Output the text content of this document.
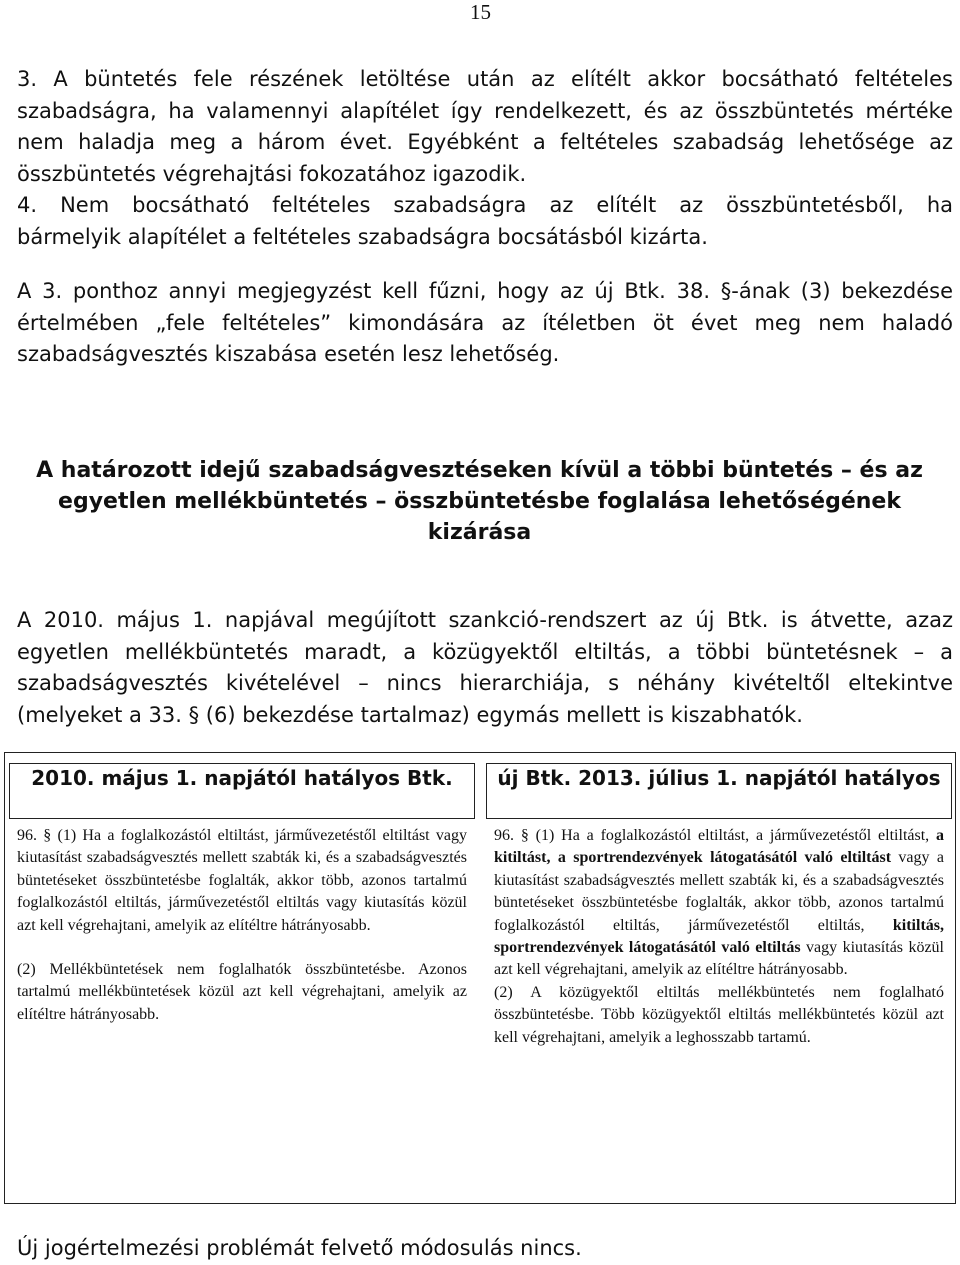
15
3. A büntetés fele részének letöltése után az elítélt akkor bocsátható feltételes
szabadságra, ha valamennyi alapítélet így rendelkezett, és az összbüntetés mértéke
nem haladja meg a három évet. Egyébként a feltételes szabadság lehetősége az
összbüntetés végrehajtási fokozatához igazodik.
4. Nem bocsátható feltételes szabadságra az elítélt az összbüntetésből, ha
bármelyik alapítélet a feltételes szabadságra bocsátásból kizárta.
A 3. ponthoz annyi megjegyzést kell fűzni, hogy az új Btk. 38. §-ának (3) bekezdése
értelmében „fele feltételes” kimondására az ítéletben öt évet meg nem haladó
szabadságvesztés kiszabása esetén lesz lehetőség.
A határozott idejű szabadságvesztéseken kívül a többi büntetés – és az egyetlen mellékbüntetés – összbüntetésbe foglalása lehetőségének kizárása
A 2010. május 1. napjával megújított szankció-rendszert az új Btk. is átvette, azaz
egyetlen mellékbüntetés maradt, a közügyektől eltiltás, a többi büntetésnek – a
szabadságvesztés kivételével – nincs hierarchiája, s néhány kivételtől eltekintve
(melyeket a 33. § (6) bekezdése tartalmaz) egymás mellett is kiszabhatók.
2010. május 1. napjától hatályos Btk.

96. § (1) Ha a foglalkozástól eltiltást, járművezetéstől eltiltást vagy kiutasítást szabadságvesztés mellett szabták ki, és a szabadságvesztés büntetéseket összbüntetésbe foglalták, akkor több, azonos tartalmú foglalkozástól eltiltás, járművezetéstől eltiltás vagy kiutasítás közül azt kell végrehajtani, amelyik az elítéltre hátrányosabb.

(2) Mellékbüntetések nem foglalhatók összbüntetésbe. Azonos tartalmú mellékbüntetések közül azt kell végrehajtani, amelyik az elítéltre hátrányosabb.

új Btk. 2013. július 1. napjától hatályos

96. § (1) Ha a foglalkozástól eltiltást, a járművezetéstől eltiltást, a kitiltást, a sportrendezvények látogatásától való eltiltást vagy a kiutasítást szabadságvesztés mellett szabták ki, és a szabadságvesztés büntetéseket összbüntetésbe foglalták, akkor több, azonos tartalmú foglalkozástól eltiltás, járművezetéstől eltiltás, kitiltás, sportrendezvények látogatásától való eltiltás vagy kiutasítás közül azt kell végrehajtani, amelyik az elítéltre hátrányosabb.

(2) A közügyektől eltiltás mellékbüntetés nem foglalható összbüntetésbe. Több közügyektől eltiltás mellékbüntetés közül azt kell végrehajtani, amelyik a leghosszabb tartamú.

Új jogértelmezési problémát felvető módosulás nincs.
